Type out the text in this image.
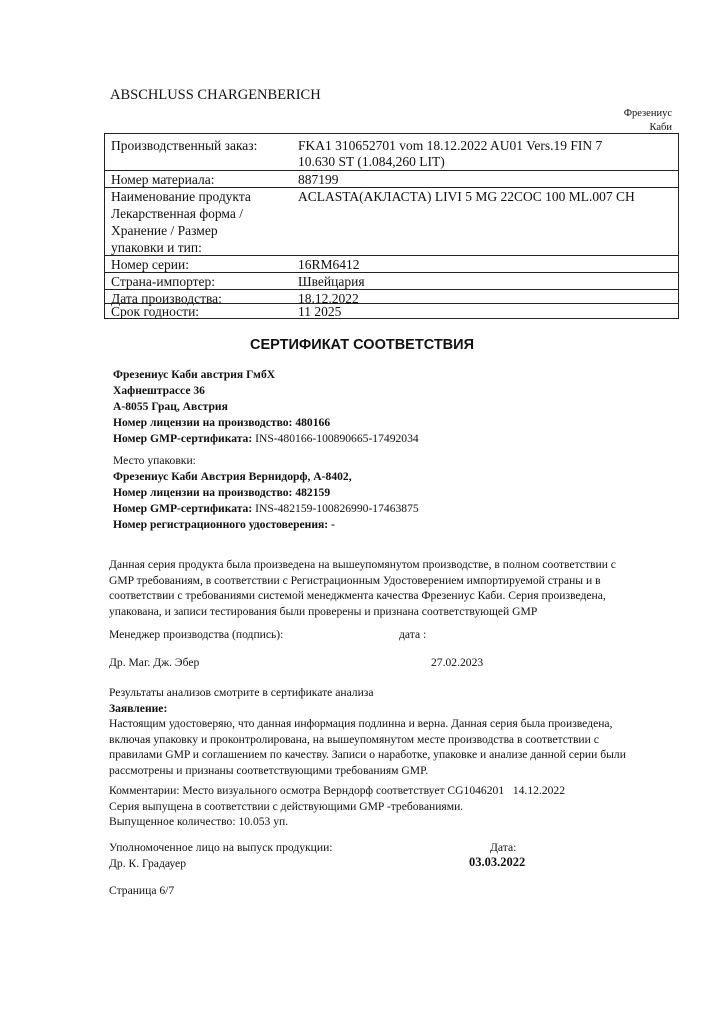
ABSCHLUSS CHARGENBERICH
Фрезениус
Каби
Производственный заказ:	FKA1 310652701 vom 18.12.2022 AU01 Vers.19 FIN 7
10.630 ST (1.084,260 LIT)
Номер материала:	887199
Наименование продукта	ACLASTA(АКЛАСТА) LIVI 5 MG 22COC 100 ML.007 CH
Лекарственная форма /
Хранение / Размер
упаковки и тип:
Номер серии:	16RM6412
Страна-импортер:	Швейцария
Дата производства:	18.12.2022
Срок годности:	11 2025
СЕРТИФИКАТ СООТВЕТСТВИЯ
Фрезениус Каби австрия ГмбХ
Хафнештрассе 36
А-8055 Грац, Австрия
Номер лицензии на производство: 480166
Номер GMP-сертификата: INS-480166-100890665-17492034
Место упаковки:
Фрезениус Каби Австрия Вернидорф, А-8402,
Номер лицензии на производство: 482159
Номер GMP-сертификата: INS-482159-100826990-17463875
Номер регистрационного удостоверения: -
Данная серия продукта была произведена на вышеупомянутом производстве, в полном соответствии с
GMP требованиям, в соответствии с Регистрационным Удостоверением импортируемой страны и в
соответствии с требованиями системой менеджмента качества Фрезениус Каби. Серия произведена,
упакована, и записи тестирования были проверены и признана соответствующей GMP
Менеджер производства (подпись):	дата :
Др. Маг. Дж. Эбер	27.02.2023
Результаты анализов смотрите в сертификате анализа
Заявление:
Настоящим удостоверяю, что данная информация подлинна и верна. Данная серия была произведена,
включая упаковку и проконтролирована, на вышеупомянутом месте производства в соответствии с
правилами GMP и соглашением по качеству. Записи о наработке, упаковке и анализе данной серии были
рассмотрены и признаны соответствующими требованиям GMP.
Комментарии: Место визуального осмотра Верндорф соответствует CG1046201 14.12.2022
Серия выпущена в соответствии с действующими GMP -требованиями.
Выпущенное количество: 10.053 уп.
Уполномоченное лицо на выпуск продукции:	Дата:
Др. К. Градауер	03.03.2022
Страница 6/7
